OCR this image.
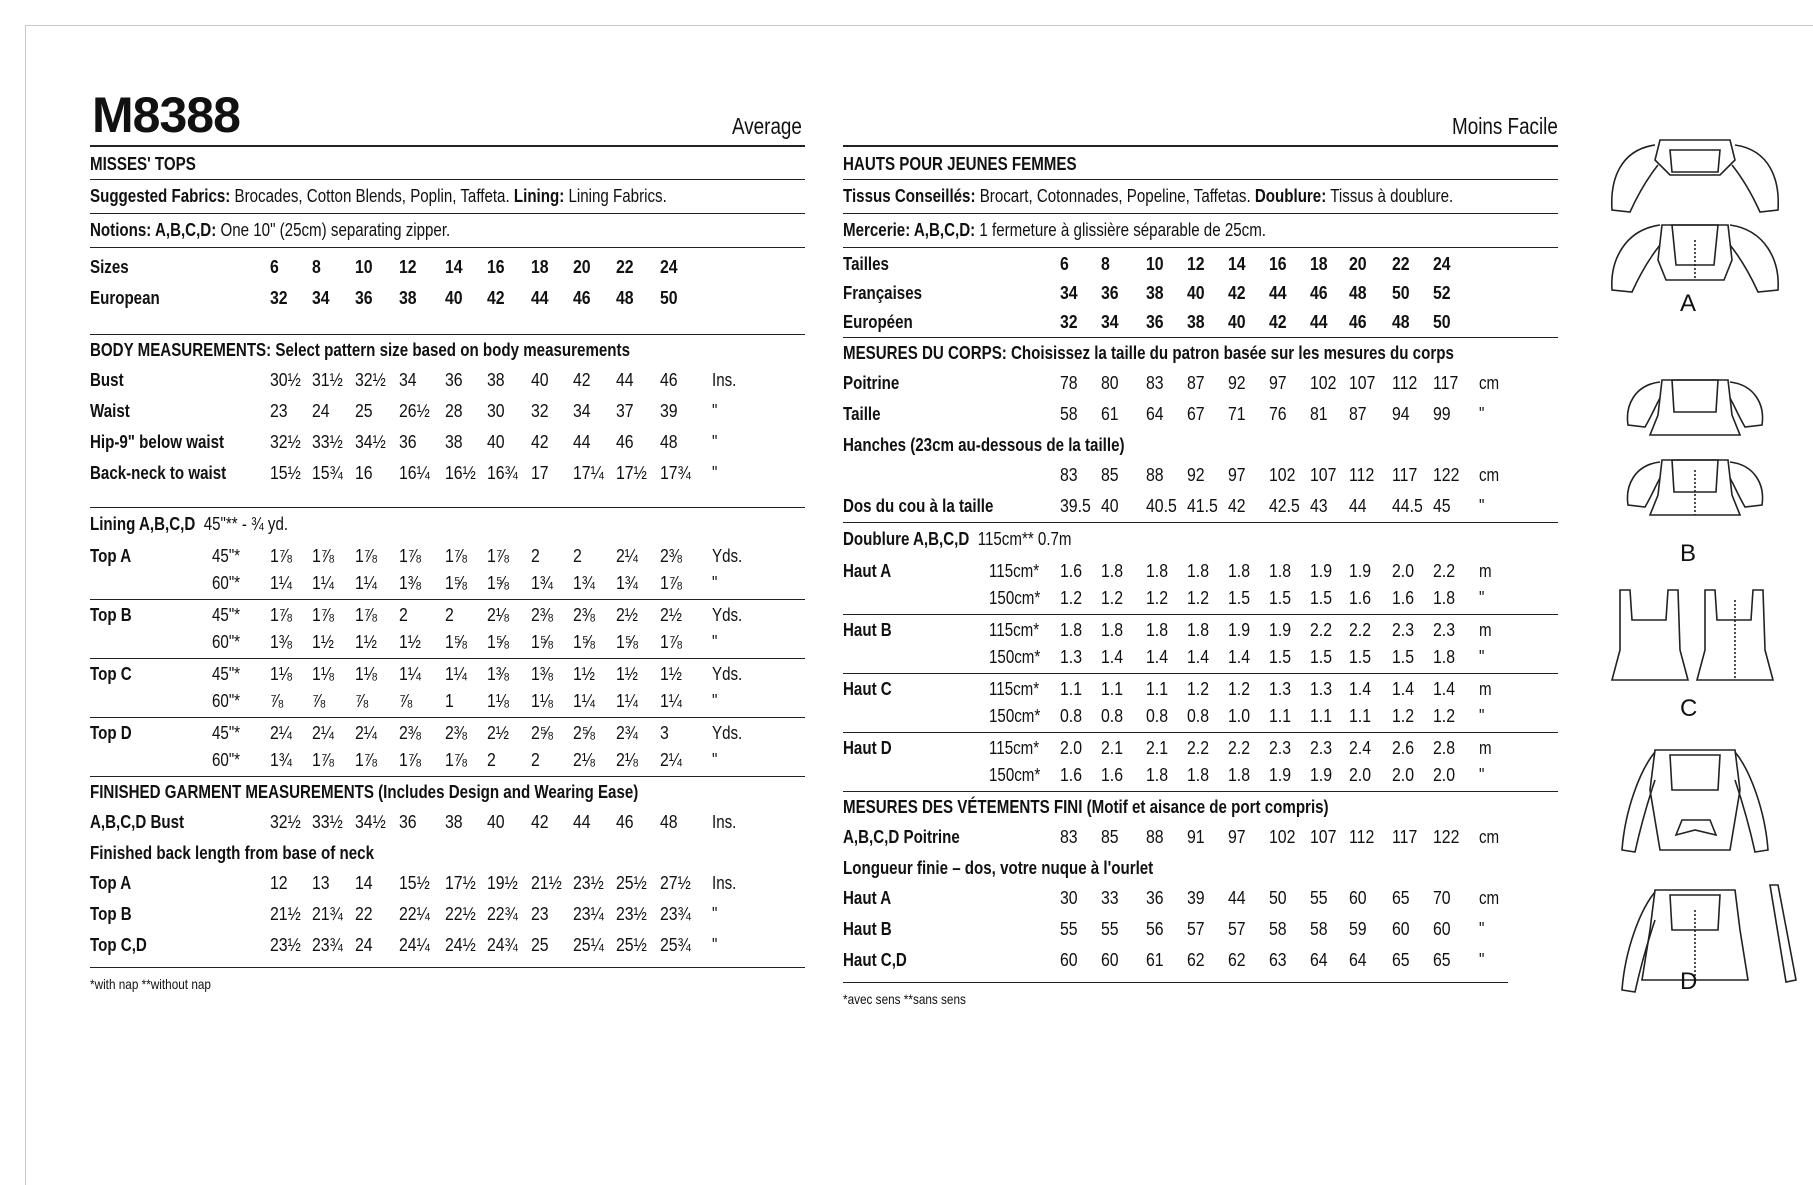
M8388	Average	Moins Facile
MISSES' TOPS
Suggested Fabrics: Brocades, Cotton Blends, Poplin, Taffeta. Lining: Lining Fabrics.
Notions: A,B,C,D: One 10" (25cm) separating zipper.
Sizes	6	8	10	12	14	16	18	20	22	24
European	32	34	36	38	40	42	44	46	48	50
BODY MEASUREMENTS: Select pattern size based on body measurements
Bust	30½ 31½ 32½ 34	36	38	40	42	44	46	Ins.
Waist	23	24	25	26½ 28	30	32	34	37	39	"
Hip-9" below waist	32½ 33½ 34½ 36	38	40	42	44	46	48	"
Back-neck to waist 15½ 15¾ 16	16¼ 16½ 16¾ 17	17¼ 17½ 17¾	"
Lining A,B,C,D 45"** - ¾ yd.
Top A	45"* 1⅞	1⅞	1⅞	1⅞	1⅞	1⅞	2	2	2¼	2⅜	Yds.
60"* 1¼	1¼	1¼	1⅜	1⅝	1⅝	1¾	1¾	1¾	1⅞	"
Top B	45"* 1⅞	1⅞	1⅞	2	2	2⅛	2⅜	2⅜	2½	2½	Yds.
60"* 1⅜	1½	1½	1½	1⅝	1⅝	1⅝	1⅝	1⅝	1⅞	"
Top C	45"* 1⅛	1⅛	1⅛	1¼	1¼	1⅜	1⅜	1½	1½	1½	Yds.
60"* ⅞	⅞	⅞	⅞	1	1⅛	1⅛	1¼	1¼	1¼	"
Top D	45"* 2¼	2¼	2¼	2⅜	2⅜	2½	2⅝	2⅝	2¾	3	Yds.
60"* 1¾	1⅞	1⅞	1⅞	1⅞	2	2	2⅛	2⅛	2¼	"
FINISHED GARMENT MEASUREMENTS (Includes Design and Wearing Ease)
A,B,C,D Bust	32½ 33½ 34½ 36	38	40	42	44	46	48	Ins.
Finished back length from base of neck
Top A	12	13	14	15½ 17½ 19½ 21½ 23½ 25½ 27½	Ins.
Top B	21½ 21¾ 22	22¼ 22½ 22¾ 23	23¼ 23½ 23¾	"
Top C,D	23½ 23¾ 24	24¼ 24½ 24¾ 25	25¼ 25½ 25¾	"
*with nap **without nap
HAUTS POUR JEUNES FEMMES
Tissus Conseillés: Brocart, Cotonnades, Popeline, Taffetas. Doublure: Tissus à doublure.
Mercerie: A,B,C,D: 1 fermeture à glissière séparable de 25cm.
Tailles	6	8	10	12	14	16	18	20	22	24
Françaises	34	36	38	40	42	44	46	48	50	52
Européen	32	34	36	38	40	42	44	46	48	50
MESURES DU CORPS: Choisissez la taille du patron basée sur les mesures du corps
Poitrine	78	80	83	87	92	97	102 107 112 117	cm
Taille	58	61	64	67	71	76	81	87	94	99	"
Hanches (23cm au-dessous de la taille)
83	85	88	92	97	102 107 112 117 122	cm
Dos du cou à la taille	39.5 40	40.5 41.5 42	42.5 43	44	44.5 45	"
Doublure A,B,C,D 115cm** 0.7m
Haut A	115cm* 1.6	1.8	1.8	1.8	1.8	1.8	1.9 1.9	2.0	2.2	m
150cm* 1.2	1.2	1.2	1.2	1.5	1.5	1.5 1.6	1.6	1.8	"
Haut B	115cm* 1.8	1.8	1.8	1.8	1.9	1.9	2.2 2.2	2.3	2.3	m
150cm* 1.3	1.4	1.4	1.4	1.4	1.5	1.5 1.5	1.5	1.8	"
Haut C	115cm* 1.1	1.1	1.1	1.2	1.2	1.3	1.3 1.4	1.4	1.4	m
150cm* 0.8	0.8	0.8	0.8	1.0	1.1	1.1 1.1	1.2	1.2	"
Haut D	115cm* 2.0	2.1	2.1	2.2	2.2	2.3	2.3 2.4	2.6	2.8	m
150cm* 1.6	1.6	1.8	1.8	1.8	1.9	1.9 2.0	2.0	2.0	"
MESURES DES VÉTEMENTS FINI (Motif et aisance de port compris)
A,B,C,D Poitrine	83	85	88	91	97	102 107 112 117 122	cm
Longueur finie – dos, votre nuque à l'ourlet
Haut A	30	33	36	39	44	50	55	60	65	70	cm
Haut B	55	55	56	57	57	58	58	59	60	60	"
Haut C,D	60	60	61	62	62	63	64	64	65	65	"
*avec sens **sans sens
A
B
C
D
